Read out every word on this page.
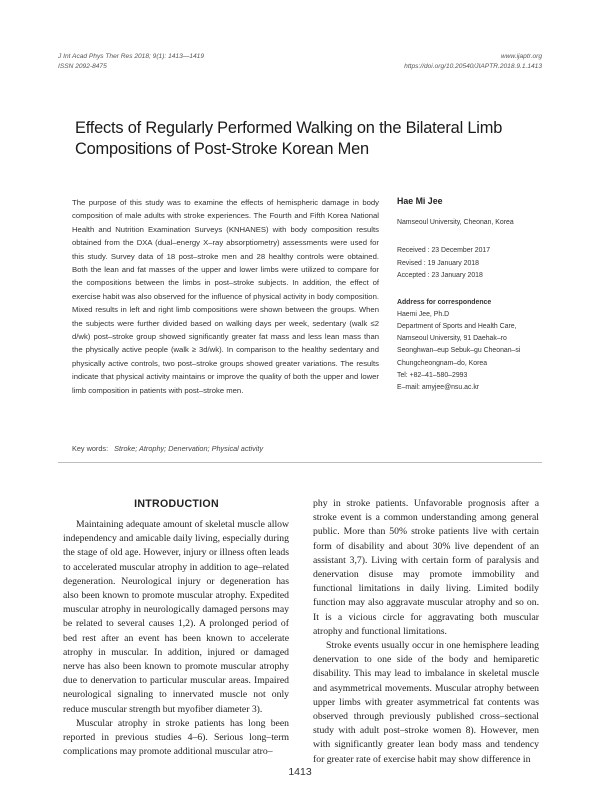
J Int Acad Phys Ther Res 2018; 9(1): 1413—1419
ISSN 2092-8475
www.ijaptr.org
https://doi.org/10.20540/JIAPTR.2018.9.1.1413
Effects of Regularly Performed Walking on the Bilateral Limb Compositions of Post-Stroke Korean Men

The purpose of this study was to examine the effects of hemispheric damage in body composition of male adults with stroke experiences. The Fourth and Fifth Korea National Health and Nutrition Examination Surveys (KNHANES) with body composition results obtained from the DXA (dual–energy X–ray absorptiometry) assessments were used for this study. Survey data of 18 post–stroke men and 28 healthy controls were obtained. Both the lean and fat masses of the upper and lower limbs were utilized to compare for the compositions between the limbs in post–stroke subjects. In addition, the effect of exercise habit was also observed for the influence of physical activity in body composition. Mixed results in left and right limb compositions were shown between the groups. When the subjects were further divided based on walking days per week, sedentary (walk ≤2 d/wk) post–stroke group showed significantly greater fat mass and less lean mass than the physically active people (walk ≥ 3d/wk). In comparison to the healthy sedentary and physically active controls, two post–stroke groups showed greater variations. The results indicate that physical activity maintains or improve the quality of both the upper and lower limb composition in patients with post–stroke men.

Key words: Stroke; Atrophy; Denervation; Physical activity
Hae Mi Jee
Namseoul University, Cheonan, Korea
Received : 23 December 2017
Revised : 19 January 2018
Accepted : 23 January 2018
Address for correspondence
Haemi Jee, Ph.D
Department of Sports and Health Care,
Namseoul University, 91 Daehak–ro
Seonghwan–eup Sebuk–gu Cheonan–si
Chungcheongnam–do, Korea
Tel: +82–41–580–2993
E–mail: amyjee@nsu.ac.kr
INTRODUCTION

Maintaining adequate amount of skeletal muscle allow independency and amicable daily living, especially during the stage of old age. However, injury or illness often leads to accelerated muscular atrophy in addition to age–related degeneration. Neurological injury or degeneration has also been known to promote muscular atrophy. Expedited muscular atrophy in neurologically damaged persons may be related to several causes 1,2). A prolonged period of bed rest after an event has been known to accelerate atrophy in muscular. In addition, injured or damaged nerve has also been known to promote muscular atrophy due to denervation to particular muscular areas. Impaired neurological signaling to innervated muscle not only reduce muscular strength but myofiber diameter 3).

Muscular atrophy in stroke patients has long been reported in previous studies 4–6). Serious long–term complications may promote additional muscular atro–

phy in stroke patients. Unfavorable prognosis after a stroke event is a common understanding among general public. More than 50% stroke patients live with certain form of disability and about 30% live dependent of an assistant 3,7). Living with certain form of paralysis and denervation disuse may promote immobility and functional limitations in daily living. Limited bodily function may also aggravate muscular atrophy and so on. It is a vicious circle for aggravating both muscular atrophy and functional limitations.

Stroke events usually occur in one hemisphere leading denervation to one side of the body and hemiparetic disability. This may lead to imbalance in skeletal muscle and asymmetrical movements. Muscular atrophy between upper limbs with greater asymmetrical fat contents was observed through previously published cross–sectional study with adult post–stroke women 8). However, men with significantly greater lean body mass and tendency for greater rate of exercise habit may show difference in

1413
